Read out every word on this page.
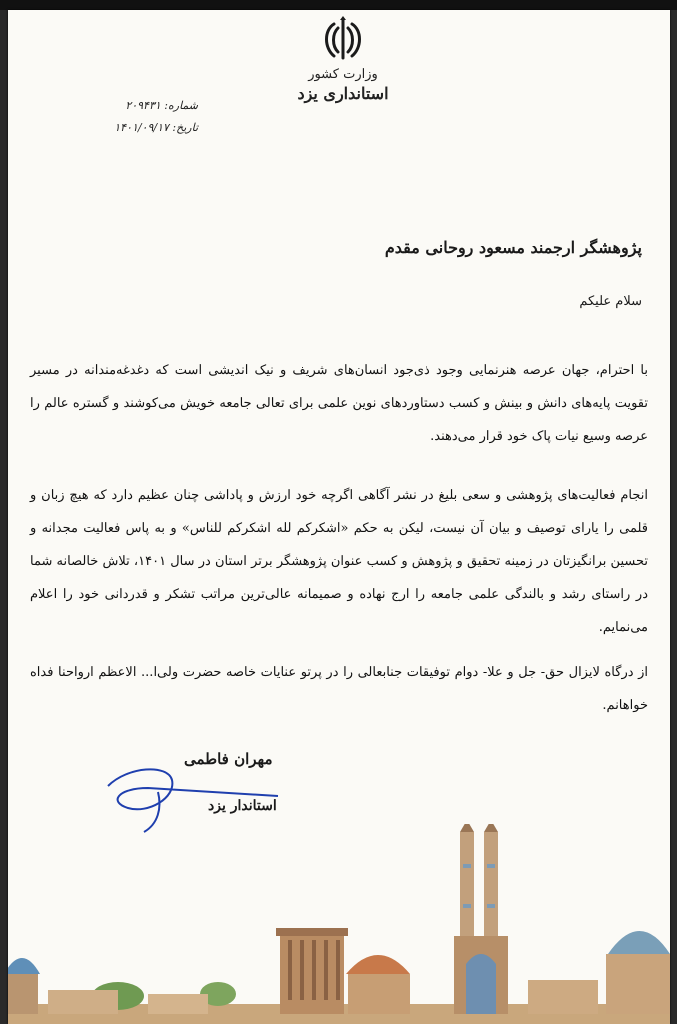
وزارت کشور
استانداری یزد
شماره: ۲۰۹۴۳۱
تاریخ: ۱۴۰۱/۰۹/۱۷
پژوهشگر ارجمند مسعود روحانی مقدم
سلام علیکم

با احترام، جهان عرصه هنرنمایی وجود ذی‌جود انسان‌های شریف و نیک اندیشی است که دغدغه‌مندانه در مسیر تقویت پایه‌های دانش و بینش و کسب دستاوردهای نوین علمی برای تعالی جامعه خویش می‌کوشند و گستره عالم را عرصه وسیع نیات پاک خود قرار می‌دهند.

انجام فعالیت‌های پژوهشی و سعی بلیغ در نشر آگاهی اگرچه خود ارزش و پاداشی چنان عظیم دارد که هیچ زبان و قلمی را یارای توصیف و بیان آن نیست، لیکن به حکم «اشکرکم لله اشکرکم للناس» و به پاس فعالیت مجدانه و تحسین برانگیزتان در زمینه تحقیق و پژوهش و کسب عنوان پژوهشگر برتر استان در سال ۱۴۰۱، تلاش خالصانه شما در راستای رشد و بالندگی علمی جامعه را ارج نهاده و صمیمانه عالی‌ترین مراتب تشکر و قدردانی خود را اعلام می‌نمایم.

از درگاه لایزال حق- جل و علا- دوام توفیقات جنابعالی را در پرتو عنایات خاصه حضرت ولی‌ا... الاعظم ارواحنا فداه خواهانم.

مهران فاطمی
استاندار یزد
